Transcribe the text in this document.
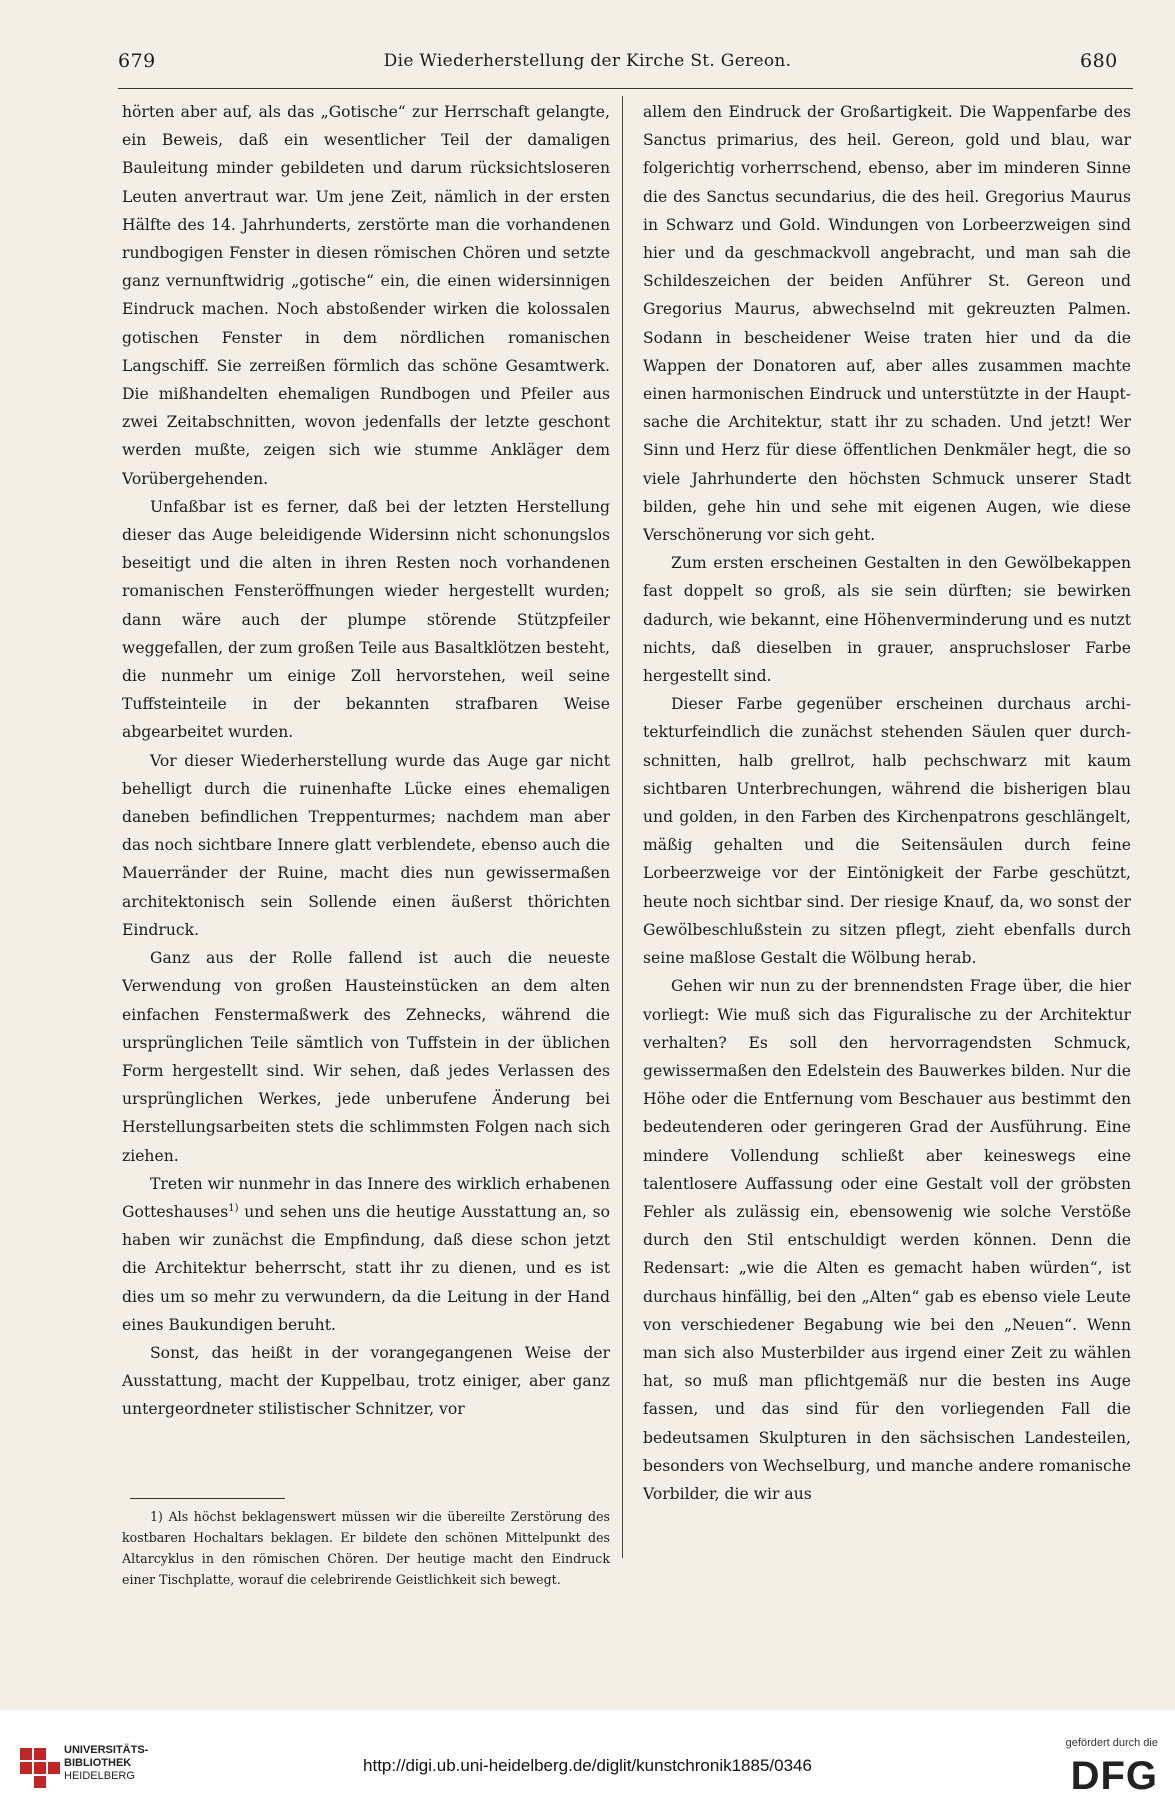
679	Die Wiederherstellung der Kirche St. Gereon.	680

hörten aber auf, als das „Gotische“ zur Herrschaft gelangte, ein Beweis, daß ein wesentlicher Teil der damaligen Bauleitung minder gebildeten und darum rücksichtsloseren Leuten anvertraut war. Um jene Zeit, nämlich in der ersten Hälfte des 14. Jahrhunderts, zerstörte man die vorhandenen rundbogigen Fenster in diesen römischen Chören und setzte ganz vernunftwidrig „gotische“ ein, die einen widersinnigen Eindruck machen. Noch abstoßender wirken die kolossalen gotischen Fenster in dem nördlichen romanischen Langschiff. Sie zerreißen förmlich das schöne Gesamtwerk. Die mißhandelten ehemaligen Rundbogen und Pfeiler aus zwei Zeitabschnitten, wovon jedenfalls der letzte geschont werden mußte, zeigen sich wie stumme Ankläger dem Vorübergehenden.

Unfaßbar ist es ferner, daß bei der letzten Herstellung dieser das Auge beleidigende Widersinn nicht schonungslos beseitigt und die alten in ihren Resten noch vorhandenen romanischen Fensteröffnungen wieder hergestellt wurden; dann wäre auch der plumpe störende Stützpfeiler weggefallen, der zum großen Teile aus Basaltklötzen besteht, die nunmehr um einige Zoll hervorstehen, weil seine Tuffsteinteile in der bekannten strafbaren Weise abgearbeitet wurden.

Vor dieser Wiederherstellung wurde das Auge gar nicht behelligt durch die ruinenhafte Lücke eines ehemaligen daneben befindlichen Treppenturmes; nachdem man aber das noch sichtbare Innere glatt verblendete, ebenso auch die Mauerränder der Ruine, macht dies nun gewissermaßen architektonisch sein Sollende einen äußerst thörichten Eindruck.

Ganz aus der Rolle fallend ist auch die neueste Verwendung von großen Hausteinstücken an dem alten einfachen Fenstermaßwerk des Zehnecks, während die ursprünglichen Teile sämtlich von Tuffstein in der üblichen Form hergestellt sind. Wir sehen, daß jedes Verlassen des ursprünglichen Werkes, jede unberufene Änderung bei Herstellungsarbeiten stets die schlimmsten Folgen nach sich ziehen.

Treten wir nunmehr in das Innere des wirklich erhabenen Gotteshauses$^{1)}$ und sehen uns die heutige Ausstattung an, so haben wir zunächst die Empfindung, daß diese schon jetzt die Architektur beherrscht, statt ihr zu dienen, und es ist dies um so mehr zu verwundern, da die Leitung in der Hand eines Baukundigen beruht.

Sonst, das heißt in der vorangegangenen Weise der Ausstattung, macht der Kuppelbau, trotz einiger, aber ganz untergeordneter stilistischer Schnitzer, vor

1) Als höchst beklagenswert müssen wir die übereilte Zerstörung des kostbaren Hochaltars beklagen. Er bildete den schönen Mittelpunkt des Altarcyklus in den römischen Chören. Der heutige macht den Eindruck einer Tischplatte, worauf die celebrirende Geistlichkeit sich bewegt.

allem den Eindruck der Großartigkeit. Die Wappenfarbe des Sanctus primarius, des heil. Gereon, gold und blau, war folgerichtig vorherrschend, ebenso, aber im minderen Sinne die des Sanctus secundarius, die des heil. Gregorius Maurus in Schwarz und Gold. Windungen von Lorbeerzweigen sind hier und da geschmackvoll angebracht, und man sah die Schildeszeichen der beiden Anführer St. Gereon und Gregorius Maurus, abwechselnd mit gekreuzten Palmen. Sodann in bescheidener Weise traten hier und da die Wappen der Donatoren auf, aber alles zusammen machte einen harmonischen Eindruck und unterstützte in der Hauptsache die Architektur, statt ihr zu schaden. Und jetzt! Wer Sinn und Herz für diese öffentlichen Denkmäler hegt, die so viele Jahrhunderte den höchsten Schmuck unserer Stadt bilden, gehe hin und sehe mit eigenen Augen, wie diese Verschönerung vor sich geht.

Zum ersten erscheinen Gestalten in den Gewölbekappen fast doppelt so groß, als sie sein dürften; sie bewirken dadurch, wie bekannt, eine Höhenverminderung und es nutzt nichts, daß dieselben in grauer, anspruchsloser Farbe hergestellt sind.

Dieser Farbe gegenüber erscheinen durchaus architekturfeindlich die zunächst stehenden Säulen quer durchschnitten, halb grellrot, halb pechschwarz mit kaum sichtbaren Unterbrechungen, während die bisherigen blau und golden, in den Farben des Kirchenpatrons geschlängelt, mäßig gehalten und die Seitensäulen durch feine Lorbeerzweige vor der Eintönigkeit der Farbe geschützt, heute noch sichtbar sind. Der riesige Knauf, da, wo sonst der Gewölbeschlußstein zu sitzen pflegt, zieht ebenfalls durch seine maßlose Gestalt die Wölbung herab.

Gehen wir nun zu der brennendsten Frage über, die hier vorliegt: Wie muß sich das Figuralische zu der Architektur verhalten? Es soll den hervorragendsten Schmuck, gewissermaßen den Edelstein des Bauwerkes bilden. Nur die Höhe oder die Entfernung vom Beschauer aus bestimmt den bedeutenderen oder geringeren Grad der Ausführung. Eine mindere Vollendung schließt aber keineswegs eine talentlosere Auffassung oder eine Gestalt voll der gröbsten Fehler als zulässig ein, ebensowenig wie solche Verstöße durch den Stil entschuldigt werden können. Denn die Redensart: „wie die Alten es gemacht haben würden“, ist durchaus hinfällig, bei den „Alten“ gab es ebenso viele Leute von verschiedener Begabung wie bei den „Neuen“. Wenn man sich also Musterbilder aus irgend einer Zeit zu wählen hat, so muß man pflichtgemäß nur die besten ins Auge fassen, und das sind für den vorliegenden Fall die bedeutsamen Skulpturen in den sächsischen Landesteilen, besonders von Wechselburg, und manche andere romanische Vorbilder, die wir aus

UNIVERSITÄTS-
BIBLIOTHEK
HEIDELBERG
http://digi.ub.uni-heidelberg.de/diglit/kunstchronik1885/0346
gefördert durch die
DFG
